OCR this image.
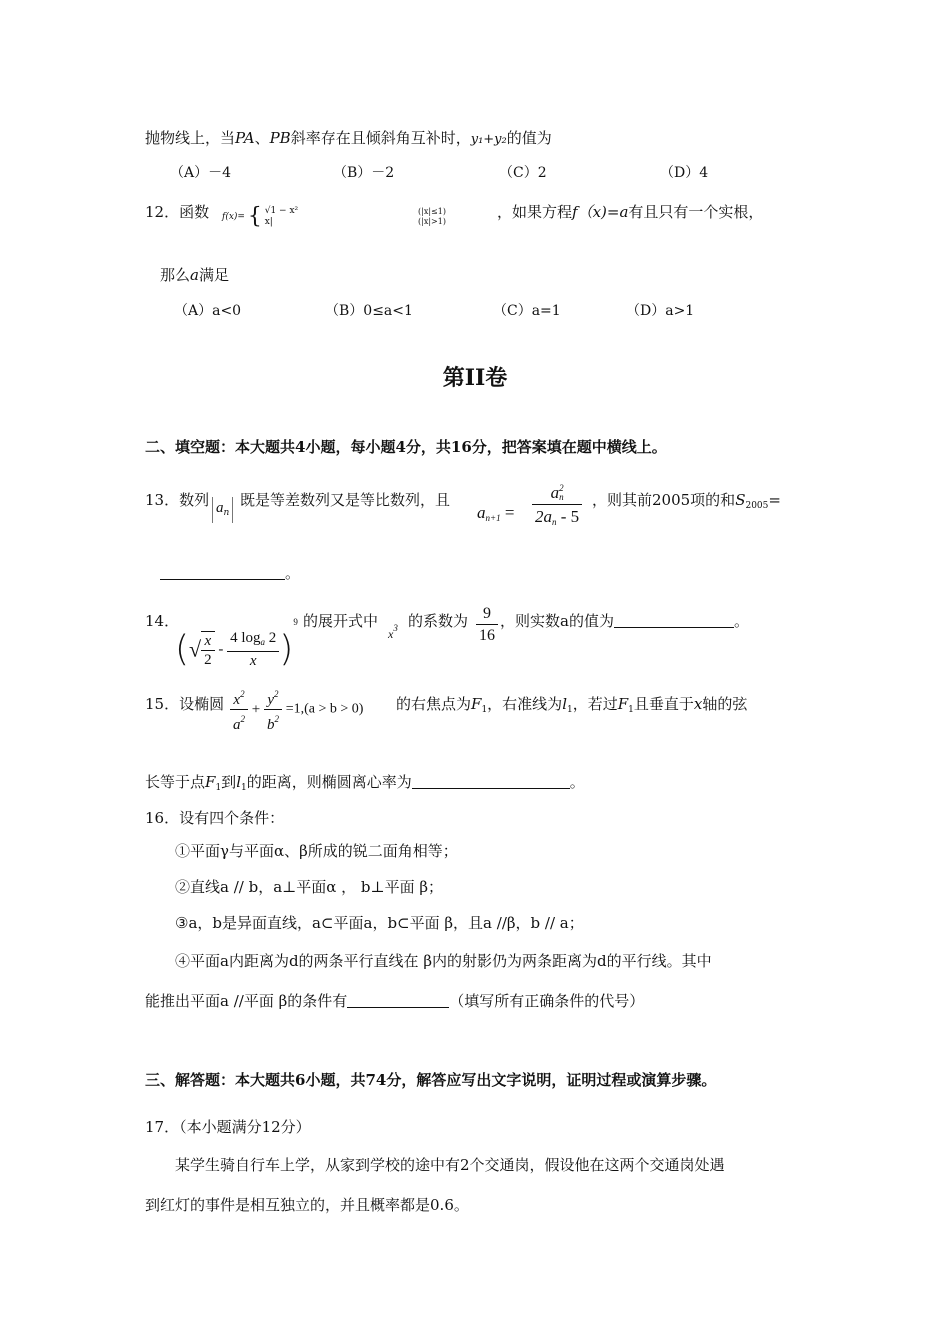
抛物线上，当PA、PB斜率存在且倾斜角互补时，y₁+y₂的值为
（A）－4	（B）－2	（C）2	（D）4
12．函数 f(x)= { √1 − x²
x|
(|x|≤1)
(|x|>1)
，如果方程f（x)=a有且只有一个实根，
那么a满足
（A）a<0	（B）0≤a<1	（C）a=1	（D）a>1
第II卷
二、填空题：本大题共4小题，每小题4分，共16分，把答案填在题中横线上。
13．数列 $a_n$
既是等差数列又是等比数列，且
$a_{n+1} = a$ 2
n
$2a_n - 5$ ，则其前2005项的和$S_{2005}=$
。
14．
(√ $\frac{x}{2} - \frac{4 \log_a 2}{x} )^9$ 的展开式中
$x^3$ 的系数为 $\frac{9}{16}$ ，则实数a的值为	。
15．设椭圆 $\frac{x^2}{a^2} + \frac{y^2}{b^2} =1,(a > b > 0)$ 的右焦点为$F_1$，右准线为$l_1$，若过$F_1$且垂直于x轴的弦
长等于点$F_1$到$l_1$的距离，则椭圆离心率为	。
16．设有四个条件：
①平面γ与平面α、β所成的锐二面角相等；
②直线a // b，a⊥平面α ， b⊥平面 β；
③a，b是异面直线，a⊂平面a，b⊂平面 β，且a //β，b // a；
④平面a内距离为d的两条平行直线在 β内的射影仍为两条距离为d的平行线。其中
能推出平面a //平面 β的条件有	（填写所有正确条件的代号）
三、解答题：本大题共6小题，共74分，解答应写出文字说明，证明过程或演算步骤。
17．（本小题满分12分）
某学生骑自行车上学，从家到学校的途中有2个交通岗，假设他在这两个交通岗处遇
到红灯的事件是相互独立的，并且概率都是0.6。
